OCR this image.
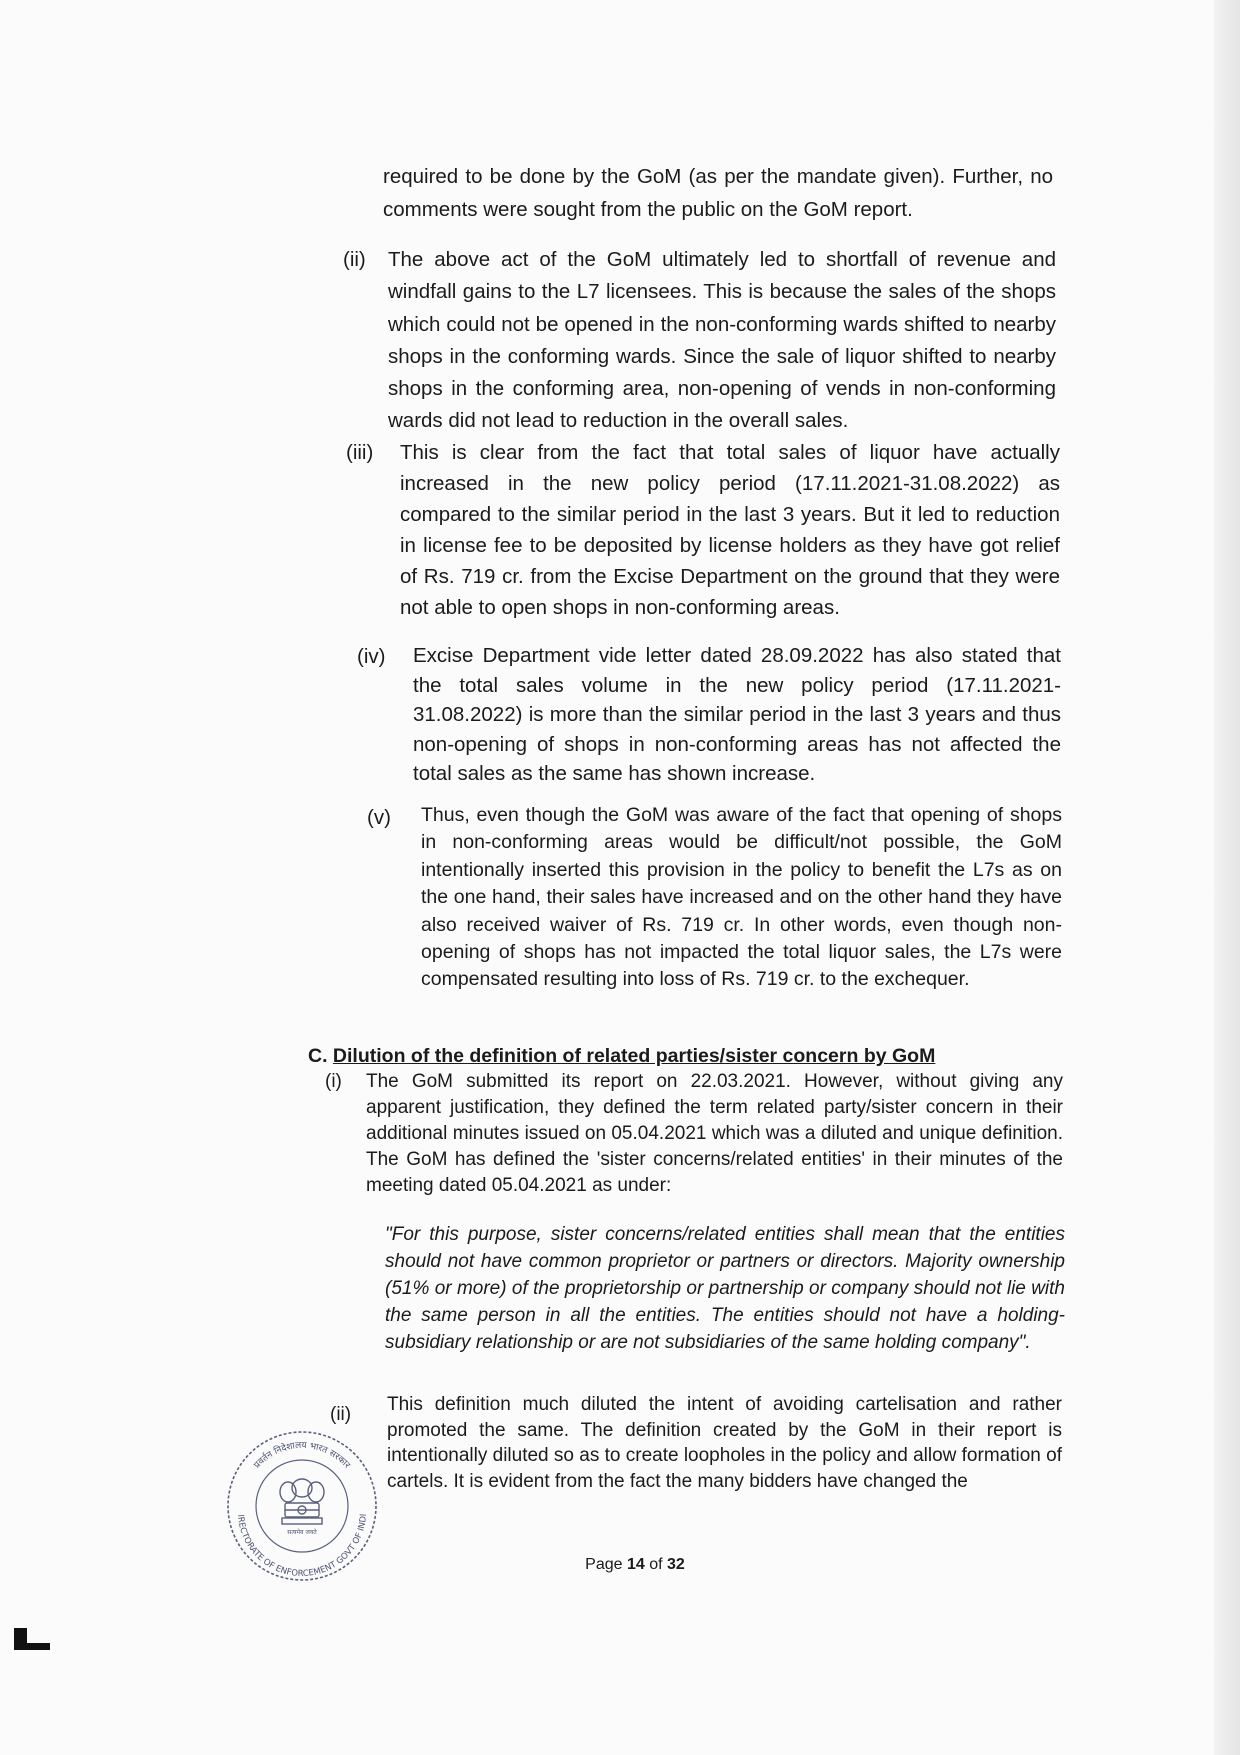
required to be done by the GoM (as per the mandate given). Further, no comments were sought from the public on the GoM report.
(ii) The above act of the GoM ultimately led to shortfall of revenue and windfall gains to the L7 licensees. This is because the sales of the shops which could not be opened in the non-conforming wards shifted to nearby shops in the conforming wards. Since the sale of liquor shifted to nearby shops in the conforming area, non-opening of vends in non-conforming wards did not lead to reduction in the overall sales.
(iii) This is clear from the fact that total sales of liquor have actually increased in the new policy period (17.11.2021-31.08.2022) as compared to the similar period in the last 3 years. But it led to reduction in license fee to be deposited by license holders as they have got relief of Rs. 719 cr. from the Excise Department on the ground that they were not able to open shops in non-conforming areas.
(iv) Excise Department vide letter dated 28.09.2022 has also stated that the total sales volume in the new policy period (17.11.2021-31.08.2022) is more than the similar period in the last 3 years and thus non-opening of shops in non-conforming areas has not affected the total sales as the same has shown increase.
(v) Thus, even though the GoM was aware of the fact that opening of shops in non-conforming areas would be difficult/not possible, the GoM intentionally inserted this provision in the policy to benefit the L7s as on the one hand, their sales have increased and on the other hand they have also received waiver of Rs. 719 cr. In other words, even though non-opening of shops has not impacted the total liquor sales, the L7s were compensated resulting into loss of Rs. 719 cr. to the exchequer.
C. Dilution of the definition of related parties/sister concern by GoM
(i) The GoM submitted its report on 22.03.2021. However, without giving any apparent justification, they defined the term related party/sister concern in their additional minutes issued on 05.04.2021 which was a diluted and unique definition. The GoM has defined the 'sister concerns/related entities' in their minutes of the meeting dated 05.04.2021 as under:
"For this purpose, sister concerns/related entities shall mean that the entities should not have common proprietor or partners or directors. Majority ownership (51% or more) of the proprietorship or partnership or company should not lie with the same person in all the entities. The entities should not have a holding-subsidiary relationship or are not subsidiaries of the same holding company".
(ii) This definition much diluted the intent of avoiding cartelisation and rather promoted the same. The definition created by the GoM in their report is intentionally diluted so as to create loopholes in the policy and allow formation of cartels. It is evident from the fact the many bidders have changed the
प्रवर्तन निदेशालय भारत सरकार
IRECTORATE OF ENFORCEMENT GOVT OF INDI
सत्यमेव जयते
Page 14 of 32
